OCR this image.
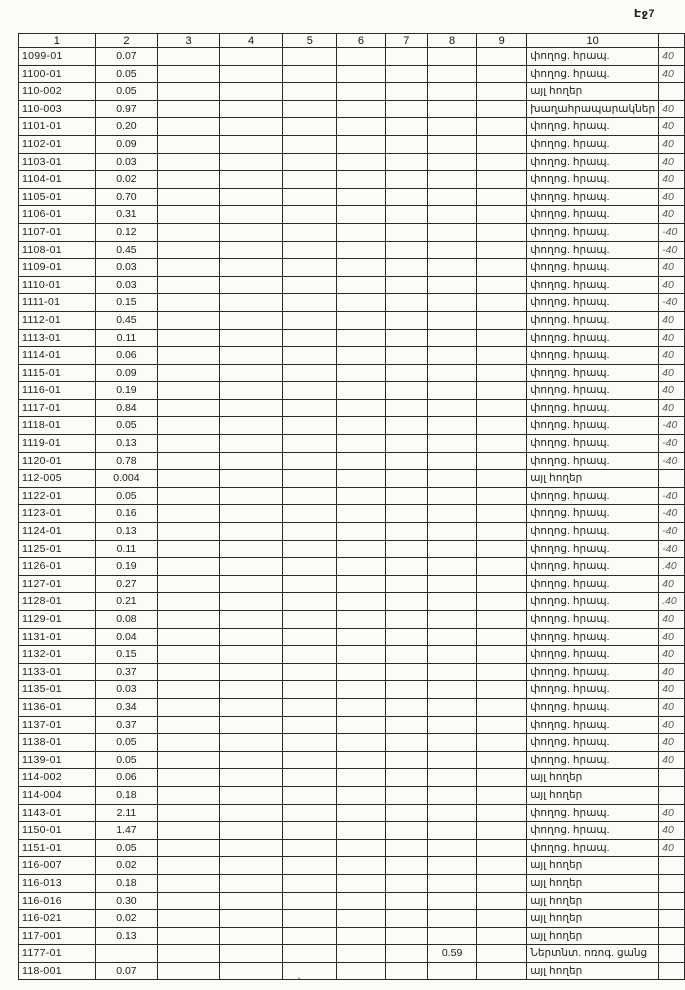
Էջ7
1	2	3	4	5	6	7	8	9	10	
1099-01	0.07								փողոց. հրապ.	40
1100-01	0.05								փողոց. հրապ.	40
110-002	0.05								այլ հողեր	
110-003	0.97								խաղահրապարակներ	40
1101-01	0.20								փողոց. հրապ.	40
1102-01	0.09								փողոց. հրապ.	40
1103-01	0.03								փողոց. հրապ.	40
1104-01	0.02								փողոց. հրապ.	40
1105-01	0.70								փողոց. հրապ.	40
1106-01	0.31								փողոց. հրապ.	40
1107-01	0.12								փողոց. հրապ.	-40
1108-01	0.45								փողոց. հրապ.	-40
1109-01	0.03								փողոց. հրապ.	40
1110-01	0.03								փողոց. հրապ.	40
1111-01	0.15								փողոց. հրապ.	-40
1112-01	0.45								փողոց. հրապ.	40
1113-01	0.11								փողոց. հրապ.	40
1114-01	0.06								փողոց. հրապ.	40
1115-01	0.09								փողոց. հրապ.	40
1116-01	0.19								փողոց. հրապ.	40
1117-01	0.84								փողոց. հրապ.	40
1118-01	0.05								փողոց. հրապ.	-40
1119-01	0.13								փողոց. հրապ.	-40
1120-01	0.78								փողոց. հրապ.	-40
112-005	0.004								այլ հողեր	
1122-01	0.05								փողոց. հրապ.	-40
1123-01	0.16								փողոց. հրապ.	-40
1124-01	0.13								փողոց. հրապ.	-40
1125-01	0.11								փողոց. հրապ.	-40
1126-01	0.19								փողոց. հրապ.	.40
1127-01	0.27								փողոց. հրապ.	40
1128-01	0.21								փողոց. հրապ.	.40
1129-01	0.08								փողոց. հրապ.	40
1131-01	0.04								փողոց. հրապ.	40
1132-01	0.15								փողոց. հրապ.	40
1133-01	0.37								փողոց. հրապ.	40
1135-01	0.03								փողոց. հրապ.	40
1136-01	0.34								փողոց. հրապ.	40
1137-01	0.37								փողոց. հրապ.	40
1138-01	0.05								փողոց. հրապ.	40
1139-01	0.05								փողոց. հրապ.	40
114-002	0.06								այլ հողեր	
114-004	0.18								այլ հողեր	
1143-01	2.11								փողոց. հրապ.	40
1150-01	1.47								փողոց. հրապ.	40
1151-01	0.05								փողոց. հրապ.	40
116-007	0.02								այլ հողեր	
116-013	0.18								այլ հողեր	
116-016	0.30								այլ հողեր	
116-021	0.02								այլ հողեր	
117-001	0.13								այլ հողեր	
1177-01							0.59		Ներտնտ. ոռոգ. ցանց	
118-001	0.07								այլ հողեր	
՝
